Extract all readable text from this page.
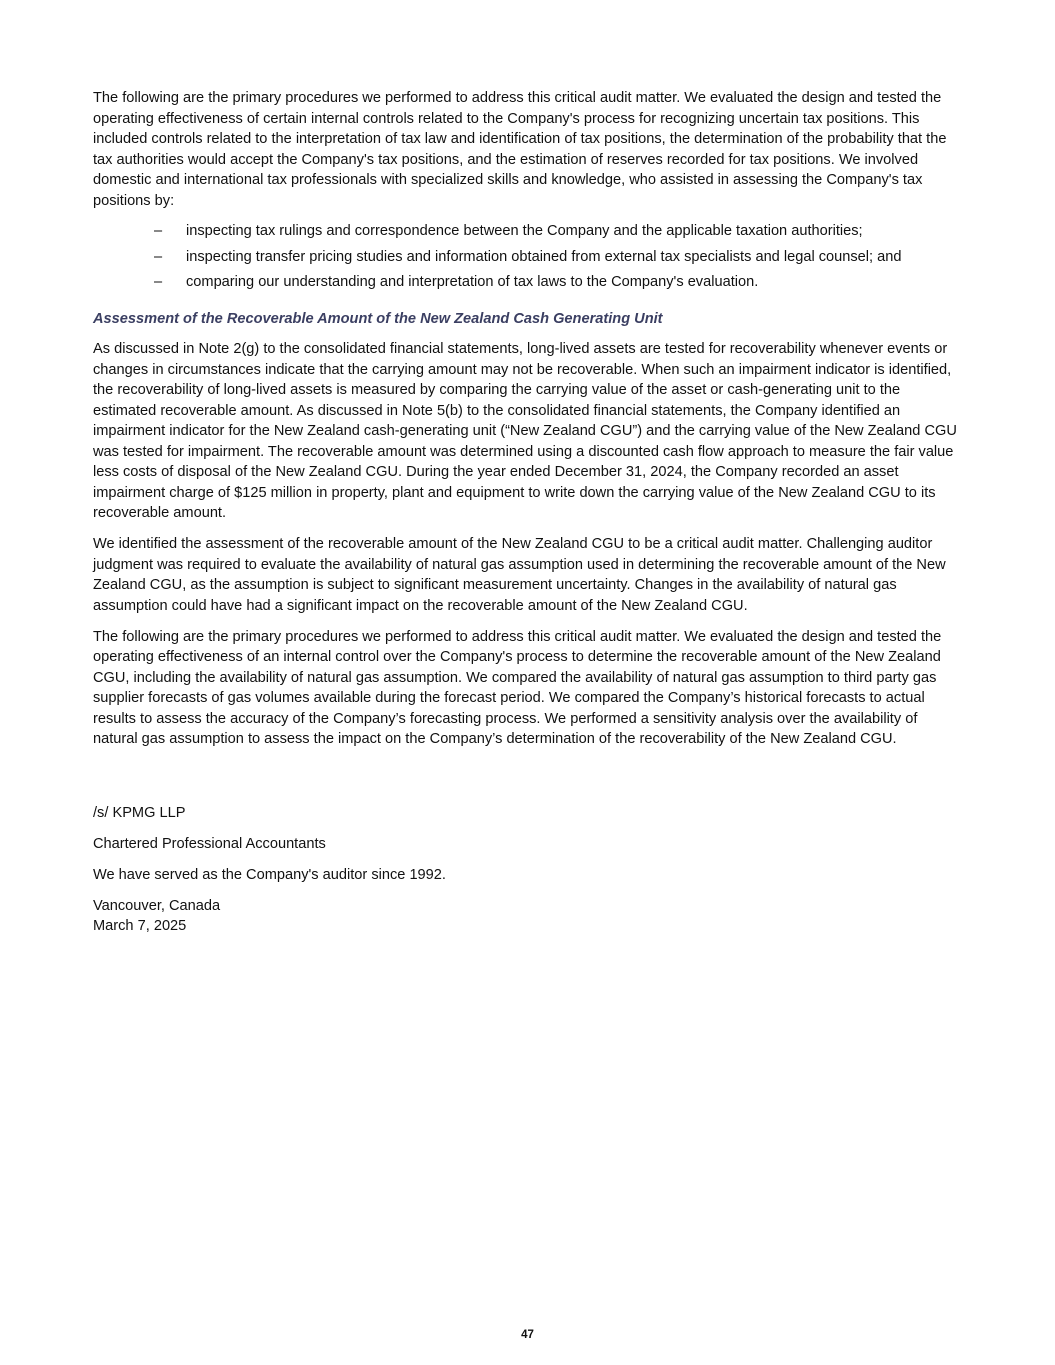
The following are the primary procedures we performed to address this critical audit matter. We evaluated the design and tested the operating effectiveness of certain internal controls related to the Company's process for recognizing uncertain tax positions. This included controls related to the interpretation of tax law and identification of tax positions, the determination of the probability that the tax authorities would accept the Company's tax positions, and the estimation of reserves recorded for tax positions. We involved domestic and international tax professionals with specialized skills and knowledge, who assisted in assessing the Company's tax positions by:

– inspecting tax rulings and correspondence between the Company and the applicable taxation authorities;
– inspecting transfer pricing studies and information obtained from external tax specialists and legal counsel; and
– comparing our understanding and interpretation of tax laws to the Company's evaluation.
Assessment of the Recoverable Amount of the New Zealand Cash Generating Unit

As discussed in Note 2(g) to the consolidated financial statements, long-lived assets are tested for recoverability whenever events or changes in circumstances indicate that the carrying amount may not be recoverable. When such an impairment indicator is identified, the recoverability of long-lived assets is measured by comparing the carrying value of the asset or cash-generating unit to the estimated recoverable amount. As discussed in Note 5(b) to the consolidated financial statements, the Company identified an impairment indicator for the New Zealand cash-generating unit (“New Zealand CGU”) and the carrying value of the New Zealand CGU was tested for impairment. The recoverable amount was determined using a discounted cash flow approach to measure the fair value less costs of disposal of the New Zealand CGU. During the year ended December 31, 2024, the Company recorded an asset impairment charge of $125 million in property, plant and equipment to write down the carrying value of the New Zealand CGU to its recoverable amount.

We identified the assessment of the recoverable amount of the New Zealand CGU to be a critical audit matter. Challenging auditor judgment was required to evaluate the availability of natural gas assumption used in determining the recoverable amount of the New Zealand CGU, as the assumption is subject to significant measurement uncertainty. Changes in the availability of natural gas assumption could have had a significant impact on the recoverable amount of the New Zealand CGU.

The following are the primary procedures we performed to address this critical audit matter. We evaluated the design and tested the operating effectiveness of an internal control over the Company's process to determine the recoverable amount of the New Zealand CGU, including the availability of natural gas assumption. We compared the availability of natural gas assumption to third party gas supplier forecasts of gas volumes available during the forecast period. We compared the Company’s historical forecasts to actual results to assess the accuracy of the Company’s forecasting process. We performed a sensitivity analysis over the availability of natural gas assumption to assess the impact on the Company’s determination of the recoverability of the New Zealand CGU.

/s/ KPMG LLP
Chartered Professional Accountants
We have served as the Company's auditor since 1992.
Vancouver, Canada
March 7, 2025
47
